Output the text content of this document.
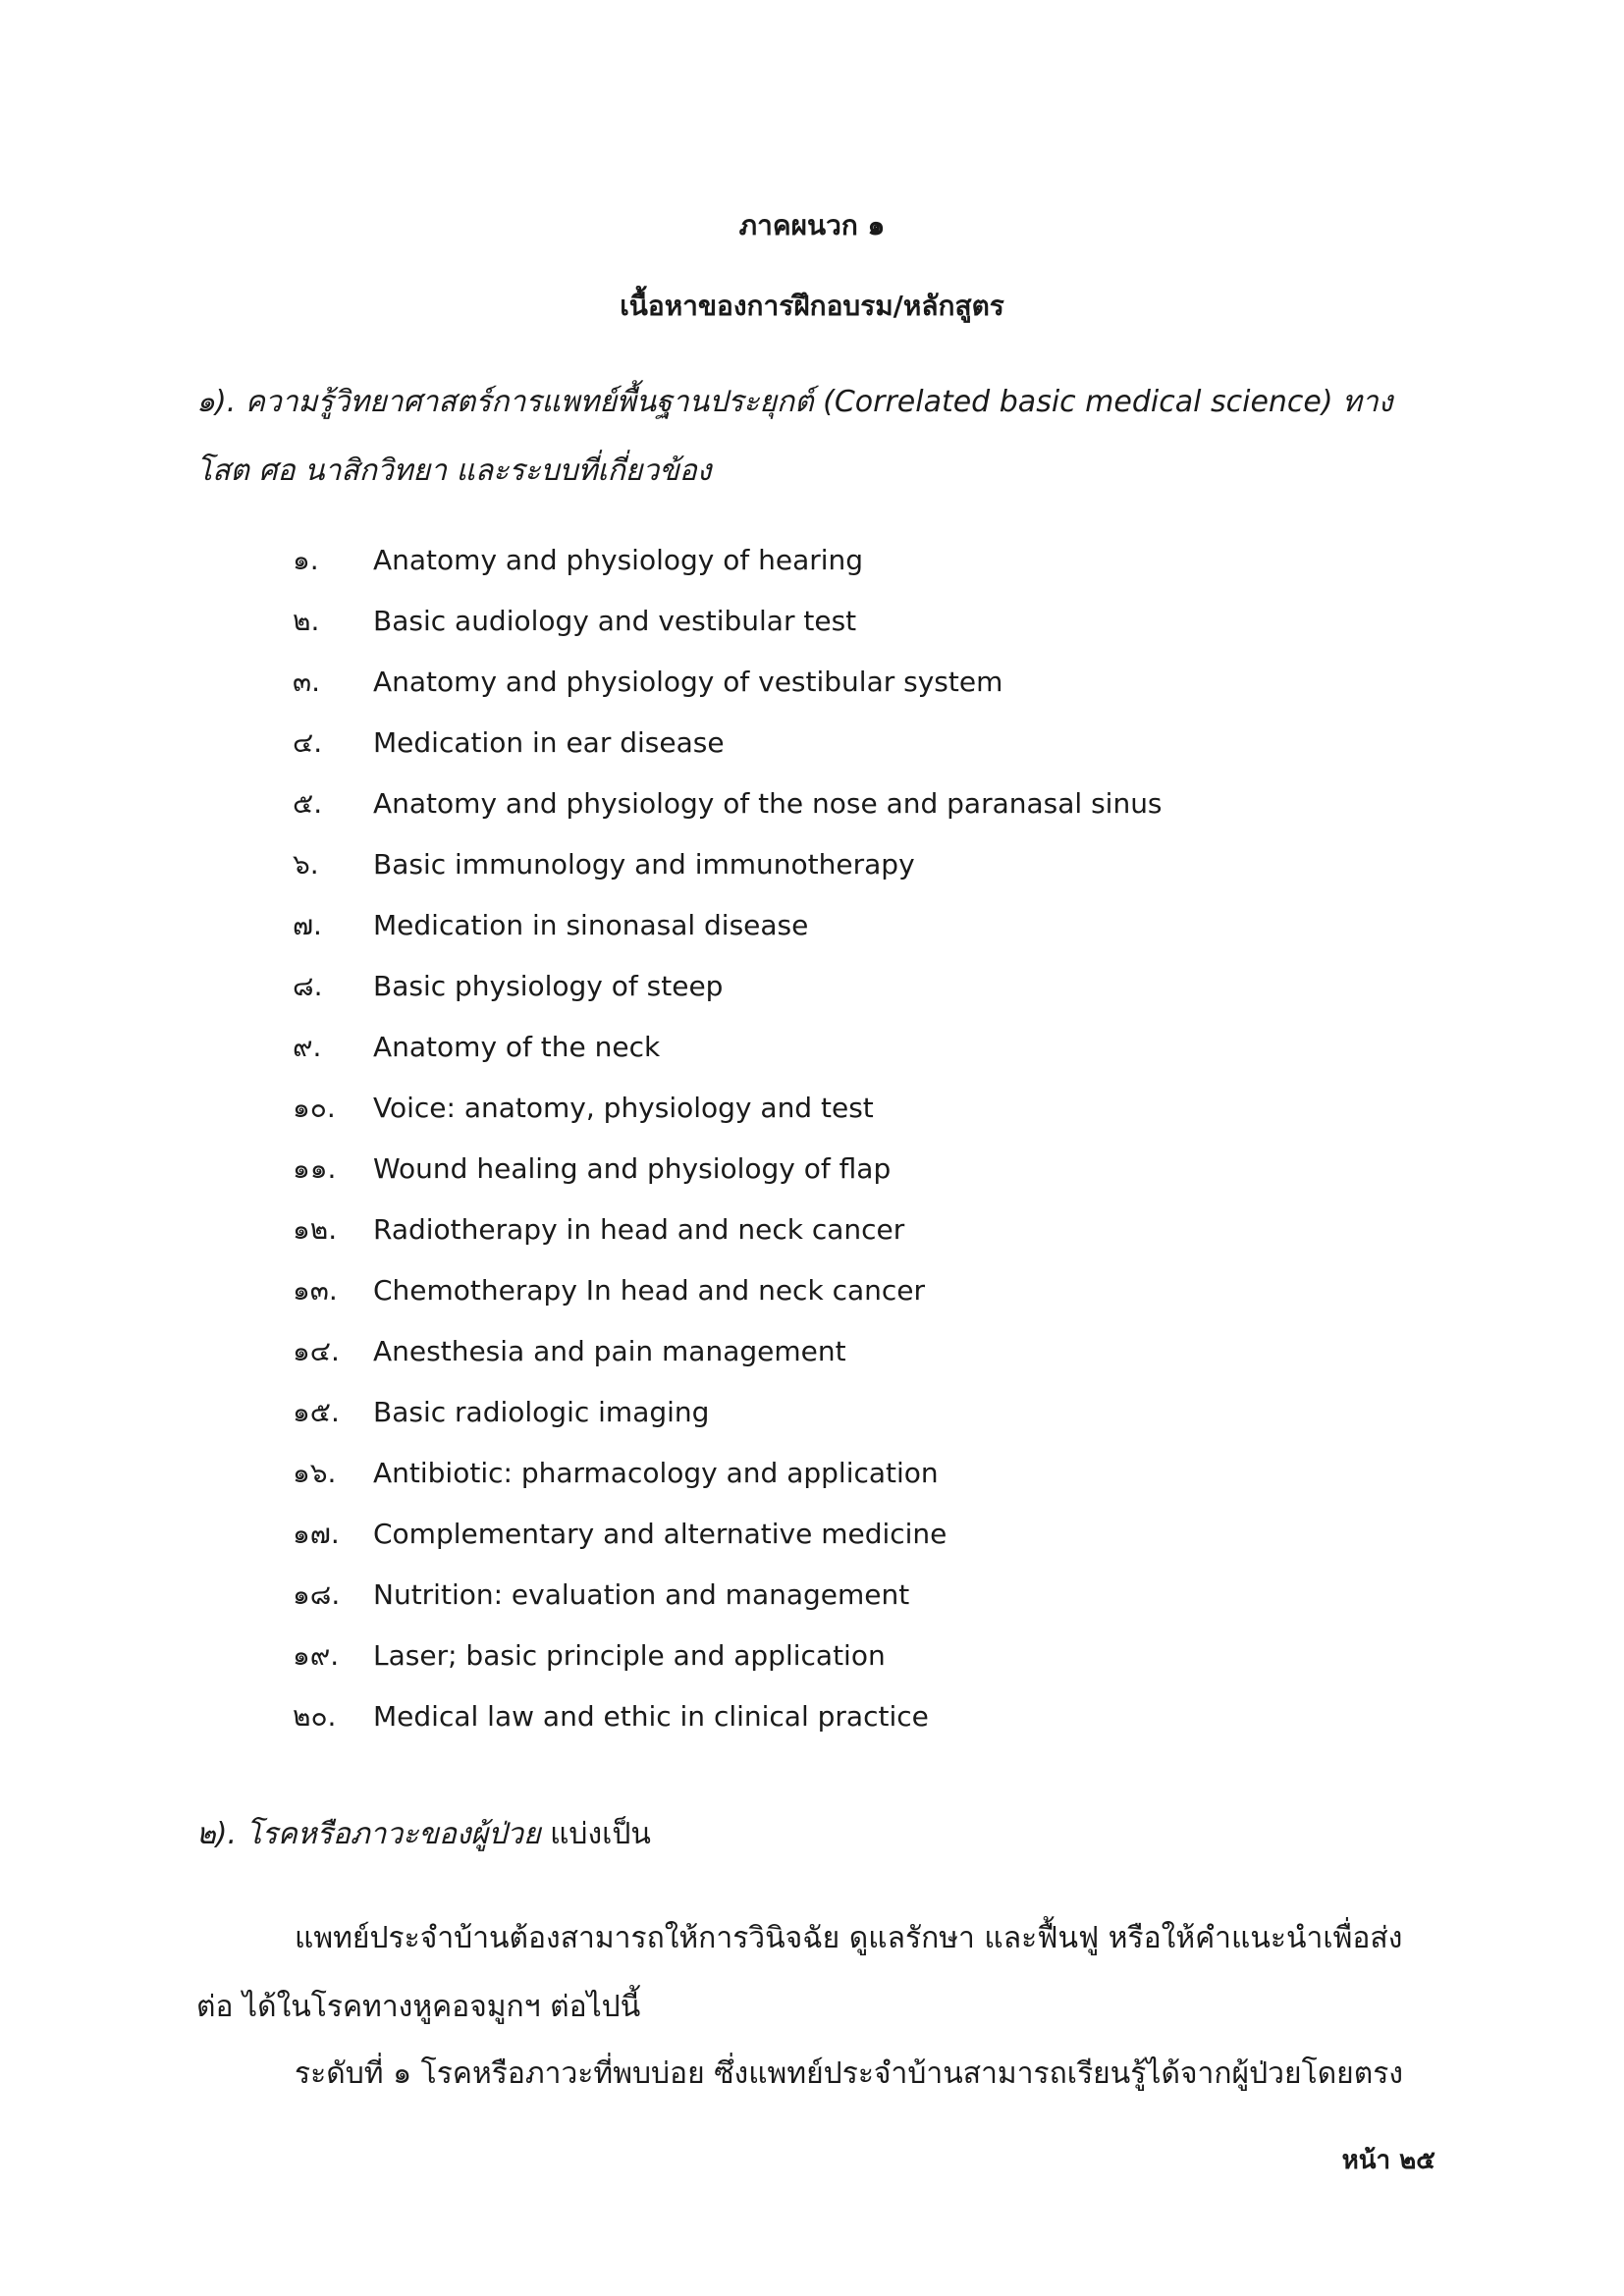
ภาคผนวก ๑
เนื้อหาของการฝึกอบรม/หลักสูตร
๑). ความรู้วิทยาศาสตร์การแพทย์พื้นฐานประยุกต์ (Correlated basic medical science) ทางโสต ศอ นาสิกวิทยา และระบบที่เกี่ยวข้อง
๑.	Anatomy and physiology of hearing
๒.	Basic audiology and vestibular test
๓.	Anatomy and physiology of vestibular system
๔.	Medication in ear disease
๕.	Anatomy and physiology of the nose and paranasal sinus
๖.	Basic immunology and immunotherapy
๗.	Medication in sinonasal disease
๘.	Basic physiology of steep
๙.	Anatomy of the neck
๑๐.	Voice: anatomy, physiology and test
๑๑.	Wound healing and physiology of flap
๑๒.	Radiotherapy in head and neck cancer
๑๓.	Chemotherapy In head and neck cancer
๑๔.	Anesthesia and pain management
๑๕.	Basic radiologic imaging
๑๖.	Antibiotic: pharmacology and application
๑๗.	Complementary and alternative medicine
๑๘.	Nutrition: evaluation and management
๑๙.	Laser; basic principle and application
๒๐.	Medical law and ethic in clinical practice
๒). โรคหรือภาวะของผู้ป่วย แบ่งเป็น
แพทย์ประจำบ้านต้องสามารถให้การวินิจฉัย ดูแลรักษา และฟื้นฟู หรือให้คำแนะนำเพื่อส่งต่อ ได้ในโรคทางหูคอจมูกฯ ต่อไปนี้
ระดับที่ ๑ โรคหรือภาวะที่พบบ่อย ซึ่งแพทย์ประจำบ้านสามารถเรียนรู้ได้จากผู้ป่วยโดยตรง
หน้า ๒๕
